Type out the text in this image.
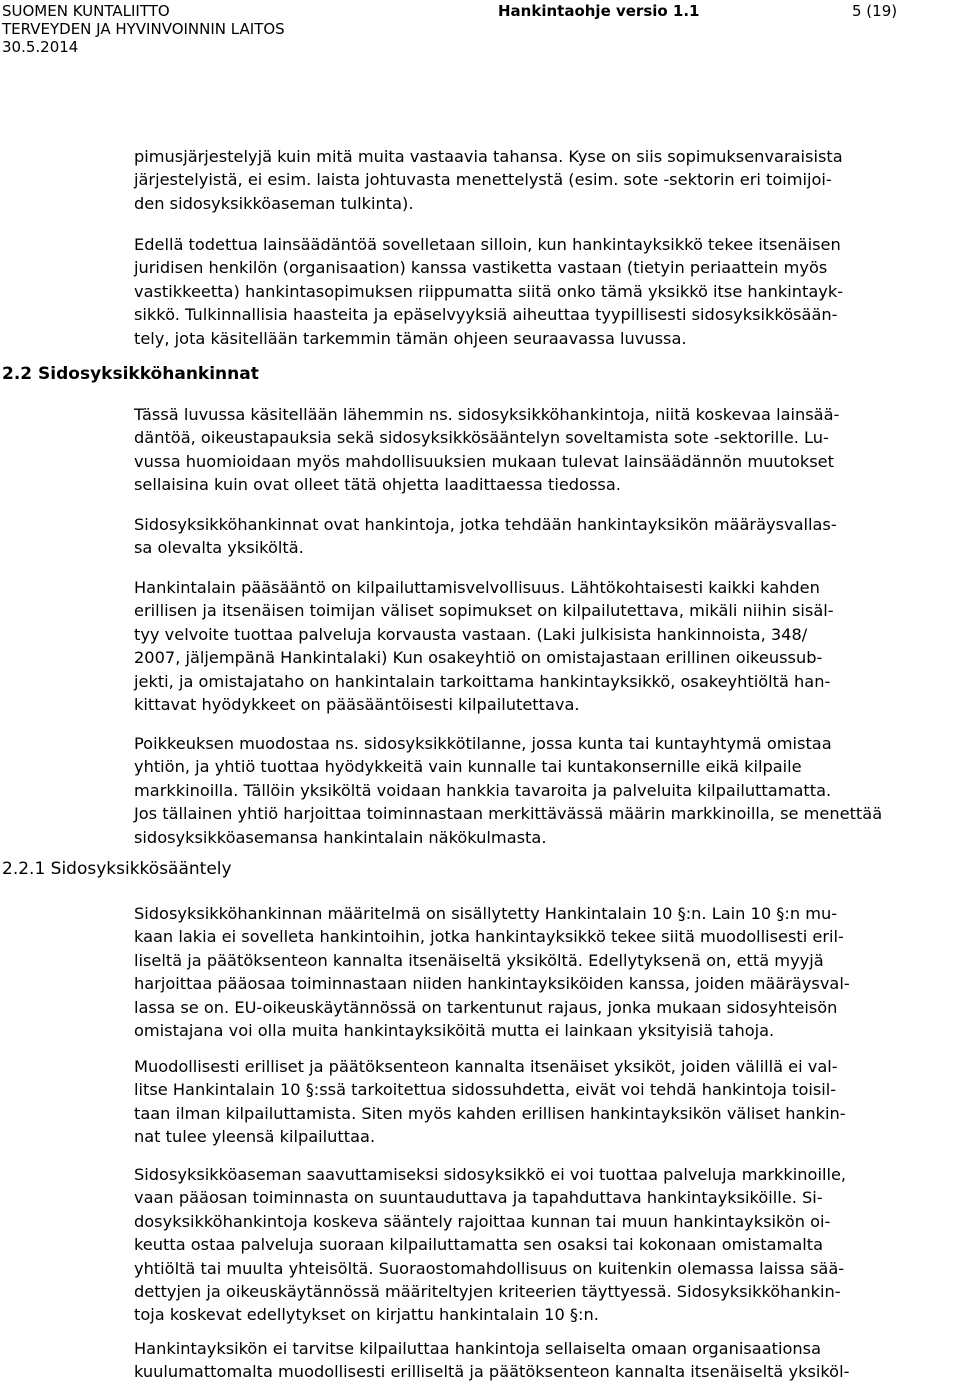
SUOMEN KUNTALIITTO
TERVEYDEN JA HYVINVOINNIN LAITOS
30.5.2014
Hankintaohje versio 1.1	5 (19)
2.2 Sidosyksikköhankinnat
2.2.1 Sidosyksikkösääntely

pimusjärjestelyjä kuin mitä muita vastaavia tahansa. Kyse on siis sopimuksenvaraisista
järjestelyistä, ei esim. laista johtuvasta menettelystä (esim. sote -sektorin eri toimijoi-
den sidosyksikköaseman tulkinta).

Edellä todettua lainsäädäntöä sovelletaan silloin, kun hankintayksikkö tekee itsenäisen
juridisen henkilön (organisaation) kanssa vastiketta vastaan (tietyin periaattein myös
vastikkeetta) hankintasopimuksen riippumatta siitä onko tämä yksikkö itse hankintayk-
sikkö. Tulkinnallisia haasteita ja epäselvyyksiä aiheuttaa tyypillisesti sidosyksikkösään-
tely, jota käsitellään tarkemmin tämän ohjeen seuraavassa luvussa.

Tässä luvussa käsitellään lähemmin ns. sidosyksikköhankintoja, niitä koskevaa lainsää-
däntöä, oikeustapauksia sekä sidosyksikkösääntelyn soveltamista sote -sektorille. Lu-
vussa huomioidaan myös mahdollisuuksien mukaan tulevat lainsäädännön muutokset
sellaisina kuin ovat olleet tätä ohjetta laadittaessa tiedossa.

Sidosyksikköhankinnat ovat hankintoja, jotka tehdään hankintayksikön määräysvallas-
sa olevalta yksiköltä.

Hankintalain pääsääntö on kilpailuttamisvelvollisuus. Lähtökohtaisesti kaikki kahden
erillisen ja itsenäisen toimijan väliset sopimukset on kilpailutettava, mikäli niihin sisäl-
tyy velvoite tuottaa palveluja korvausta vastaan. (Laki julkisista hankinnoista, 348/
2007, jäljempänä Hankintalaki) Kun osakeyhtiö on omistajastaan erillinen oikeussub-
jekti, ja omistajataho on hankintalain tarkoittama hankintayksikkö, osakeyhtiöltä han-
kittavat hyödykkeet on pääsääntöisesti kilpailutettava.

Poikkeuksen muodostaa ns. sidosyksikkötilanne, jossa kunta tai kuntayhtymä omistaa
yhtiön, ja yhtiö tuottaa hyödykkeitä vain kunnalle tai kuntakonsernille eikä kilpaile
markkinoilla. Tällöin yksiköltä voidaan hankkia tavaroita ja palveluita kilpailuttamatta.
Jos tällainen yhtiö harjoittaa toiminnastaan merkittävässä määrin markkinoilla, se menettää
sidosyksikköasemansa hankintalain näkökulmasta.

Sidosyksikköhankinnan määritelmä on sisällytetty Hankintalain 10 §:n. Lain 10 §:n mu-
kaan lakia ei sovelleta hankintoihin, jotka hankintayksikkö tekee siitä muodollisesti eril-
liseltä ja päätöksenteon kannalta itsenäiseltä yksiköltä. Edellytyksenä on, että myyjä
harjoittaa pääosaa toiminnastaan niiden hankintayksiköiden kanssa, joiden määräysval-
lassa se on. EU-oikeuskäytännössä on tarkentunut rajaus, jonka mukaan sidosyhteisön
omistajana voi olla muita hankintayksiköitä mutta ei lainkaan yksityisiä tahoja.

Muodollisesti erilliset ja päätöksenteon kannalta itsenäiset yksiköt, joiden välillä ei val-
litse Hankintalain 10 §:ssä tarkoitettua sidossuhdetta, eivät voi tehdä hankintoja toisil-
taan ilman kilpailuttamista. Siten myös kahden erillisen hankintayksikön väliset hankin-
nat tulee yleensä kilpailuttaa.

Sidosyksikköaseman saavuttamiseksi sidosyksikkö ei voi tuottaa palveluja markkinoille,
vaan pääosan toiminnasta on suuntauduttava ja tapahduttava hankintayksiköille. Si-
dosyksikköhankintoja koskeva sääntely rajoittaa kunnan tai muun hankintayksikön oi-
keutta ostaa palveluja suoraan kilpailuttamatta sen osaksi tai kokonaan omistamalta
yhtiöltä tai muulta yhteisöltä. Suoraostomahdollisuus on kuitenkin olemassa laissa sää-
dettyjen ja oikeuskäytännössä määriteltyjen kriteerien täyttyessä. Sidosyksikköhankin-
toja koskevat edellytykset on kirjattu hankintalain 10 §:n.

Hankintayksikön ei tarvitse kilpailuttaa hankintoja sellaiselta omaan organisaationsa
kuulumattomalta muodollisesti erilliseltä ja päätöksenteon kannalta itsenäiseltä yksiköl-
